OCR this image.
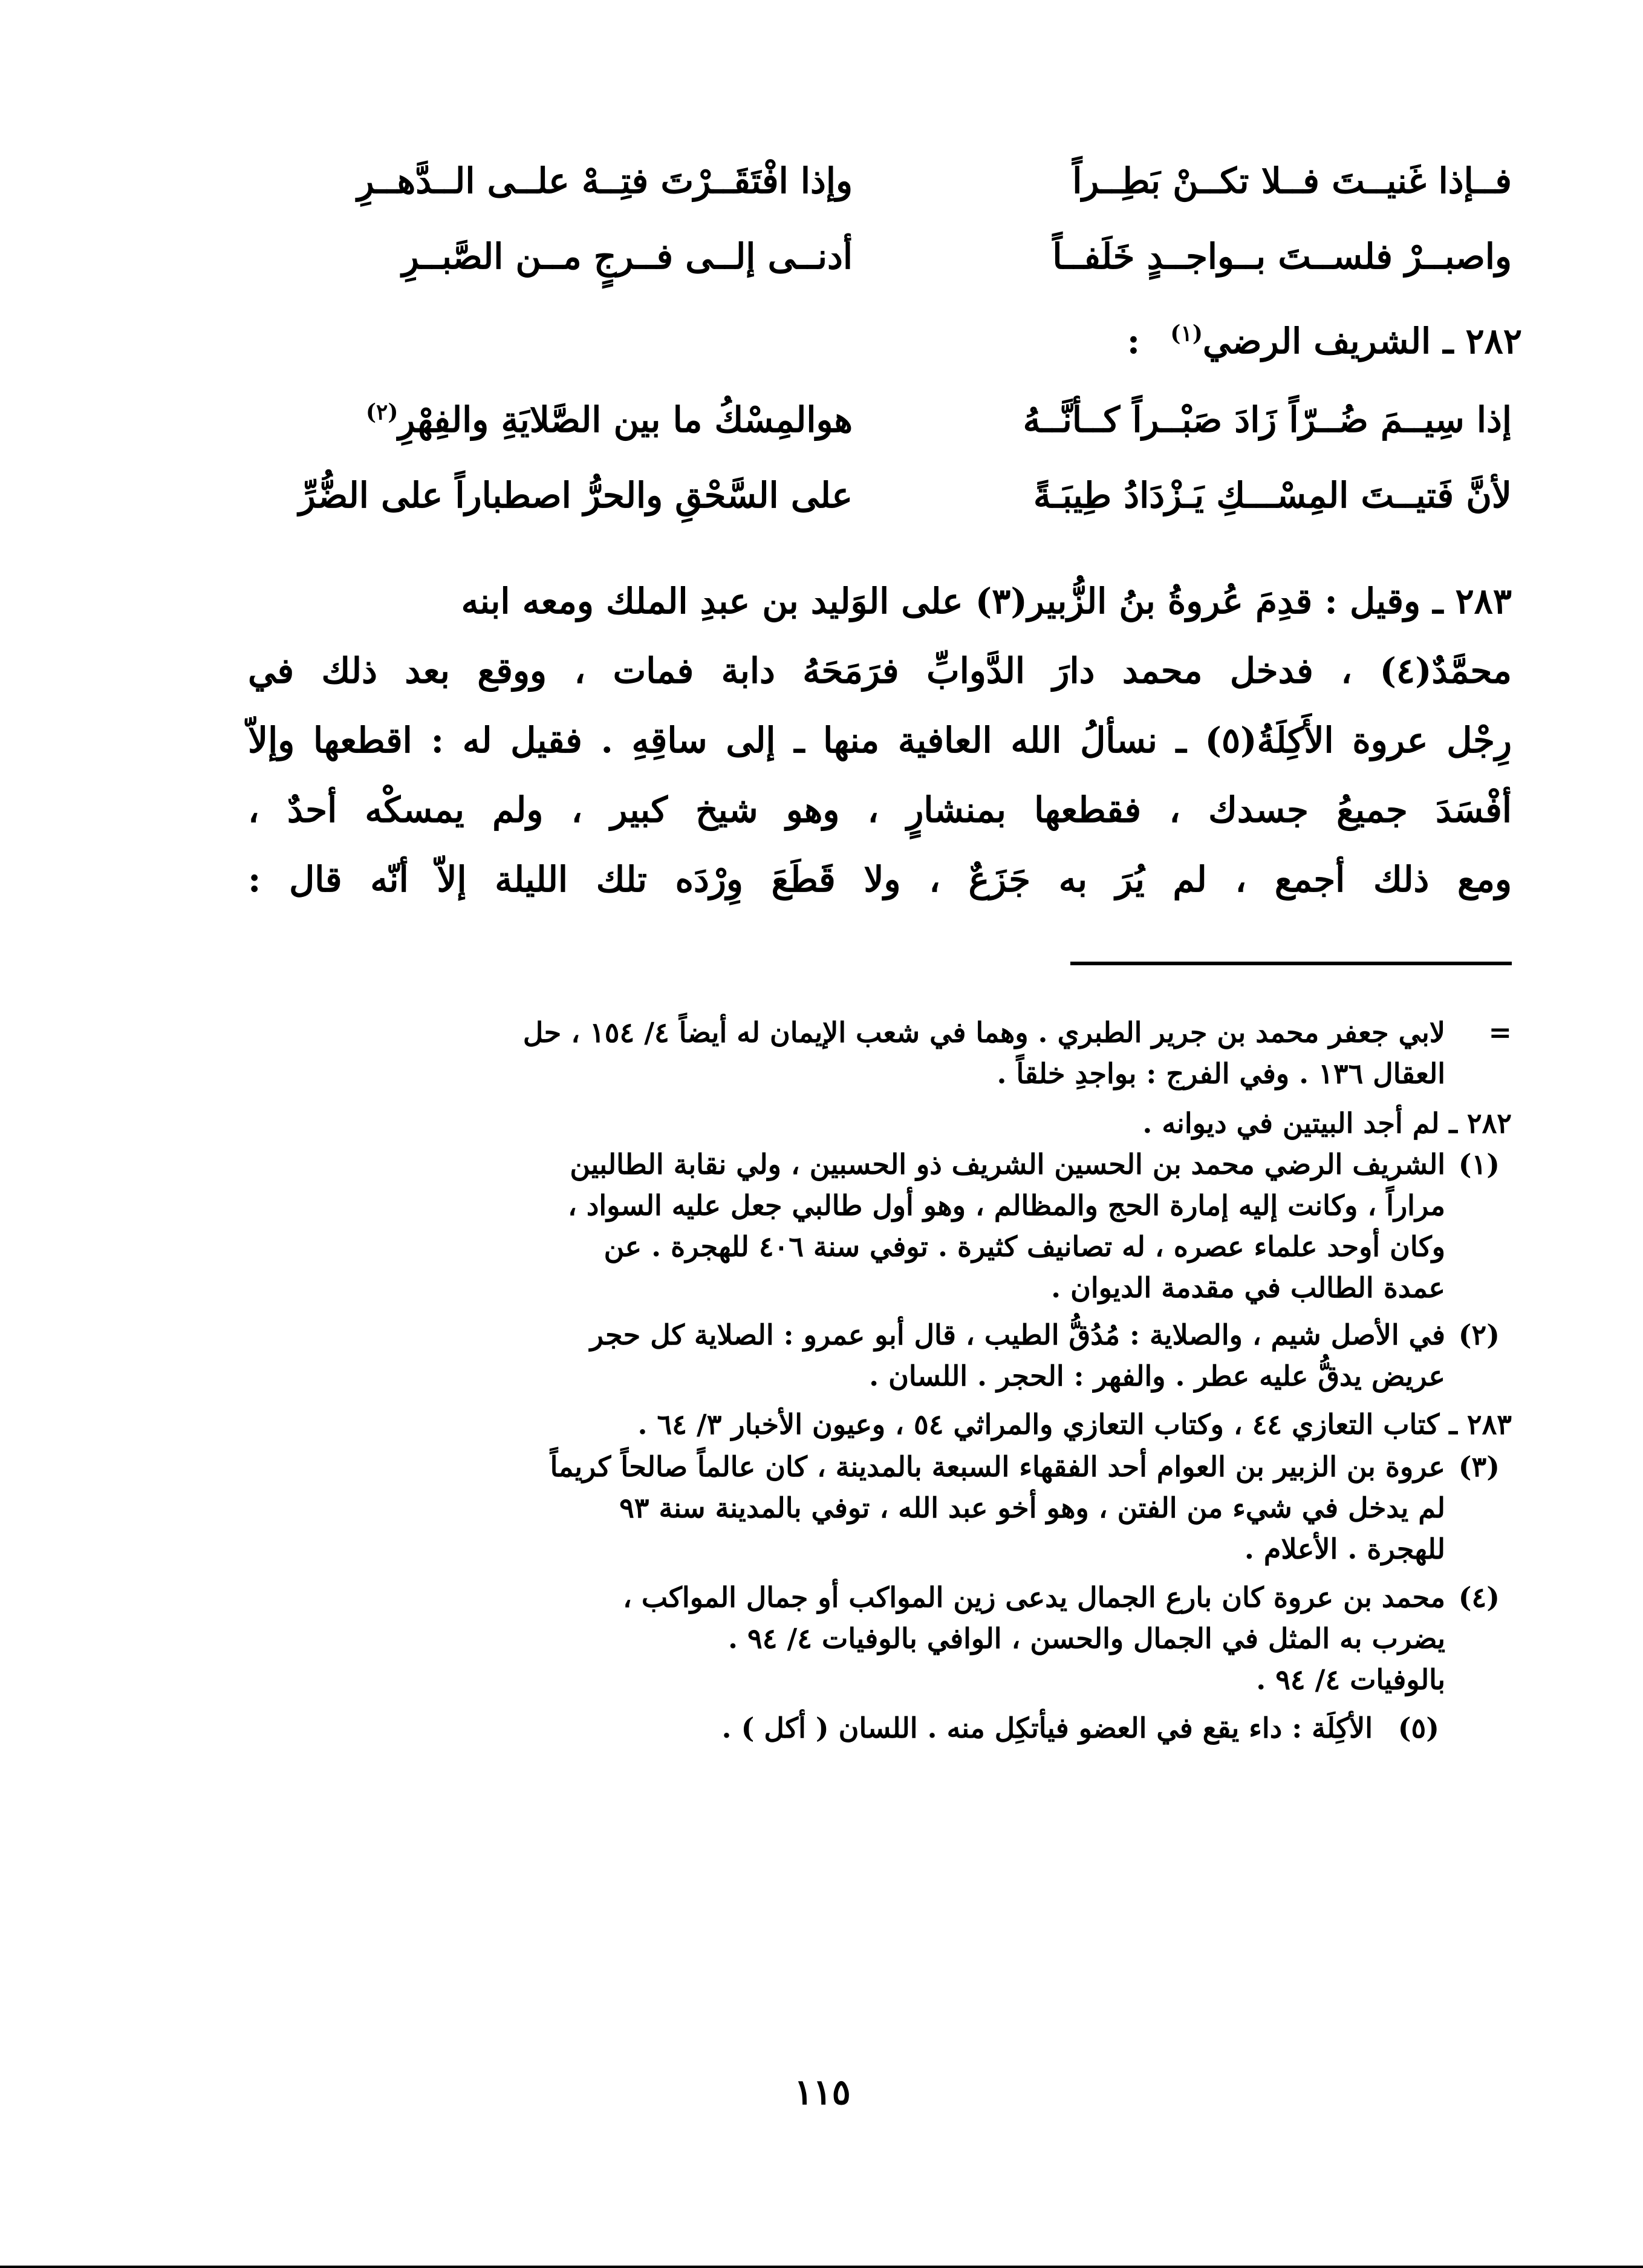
فــإذا غَنيــتَ فــلا تكــنْ بَطِــراً
وإذا افْتَقَــرْتَ فتِــهْ علــى الــدَّهــرِ
واصبــرْ فلســتَ بــواجــدٍ خَلَفــاً
أدنــى إلــى فــرجٍ مــن الصَّبــرِ
٢٨٢ ـ الشريف الرضي$^{(١)}$ :
إذا سِيــمَ ضُــرّاً زَادَ صَبْــراً كــأنَّــهُ
هوالمِسْكُ ما بين الصَّلايَةِ والفِهْرِ$^{(٢)}$
لأنَّ فَتيــتَ المِسْـــكِ يَـزْدَادُ طِيبَـةً
على السَّحْقِ والحرُّ اصطباراً على الضُّرِّ
٢٨٣ ـ وقيل : قدِمَ عُروةُ بنُ الزُّبير(٣) على الوَليد بن عبدِ الملك ومعه ابنه
محمَّدٌ(٤) ، فدخل محمد دارَ الدَّوابِّ فرَمَحَهُ دابة فمات ، ووقع بعد ذلك في
رِجْل عروة الأَكِلَةُ(٥) ـ نسألُ الله العافية منها ـ إلى ساقِهِ . فقيل له : اقطعها وإلاّ
أفْسَدَ جميعُ جسدك ، فقطعها بمنشارٍ ، وهو شيخ كبير ، ولم يمسكْه أحدٌ ،
ومع ذلك أجمع ، لم يُرَ به جَزَعٌ ، ولا قَطَعَ وِرْدَه تلك الليلة إلاّ أنّه قال :
=
لابي جعفر محمد بن جرير الطبري . وهما في شعب الإيمان له أيضاً ٤/ ١٥٤ ، حل
العقال ١٣٦ . وفي الفرج : بواجدِ خلقاً .
٢٨٢ ـ لم أجد البيتين في ديوانه .
(١)
الشريف الرضي محمد بن الحسين الشريف ذو الحسبين ، ولي نقابة الطالبين
مراراً ، وكانت إليه إمارة الحج والمظالم ، وهو أول طالبي جعل عليه السواد ،
وكان أوحد علماء عصره ، له تصانيف كثيرة . توفي سنة ٤٠٦ للهجرة . عن
عمدة الطالب في مقدمة الديوان .
(٢)
في الأصل شيم ، والصلاية : مُدُقُّ الطيب ، قال أبو عمرو : الصلاية كل حجر
عريض يدقُّ عليه عطر . والفهر : الحجر . اللسان .
٢٨٣ ـ كتاب التعازي ٤٤ ، وكتاب التعازي والمراثي ٥٤ ، وعيون الأخبار ٣/ ٦٤ .
(٣)
عروة بن الزبير بن العوام أحد الفقهاء السبعة بالمدينة ، كان عالماً صالحاً كريماً
لم يدخل في شيء من الفتن ، وهو أخو عبد الله ، توفي بالمدينة سنة ٩٣
للهجرة . الأعلام .
(٤)
محمد بن عروة كان بارع الجمال يدعى زين المواكب أو جمال المواكب ،
يضرب به المثل في الجمال والحسن ، الوافي بالوفيات ٤/ ٩٤ .
بالوفيات ٤/ ٩٤ .
(٥)
الأكِلَة : داء يقع في العضو فيأتكِل منه . اللسان ( أكل ) .
١١٥
